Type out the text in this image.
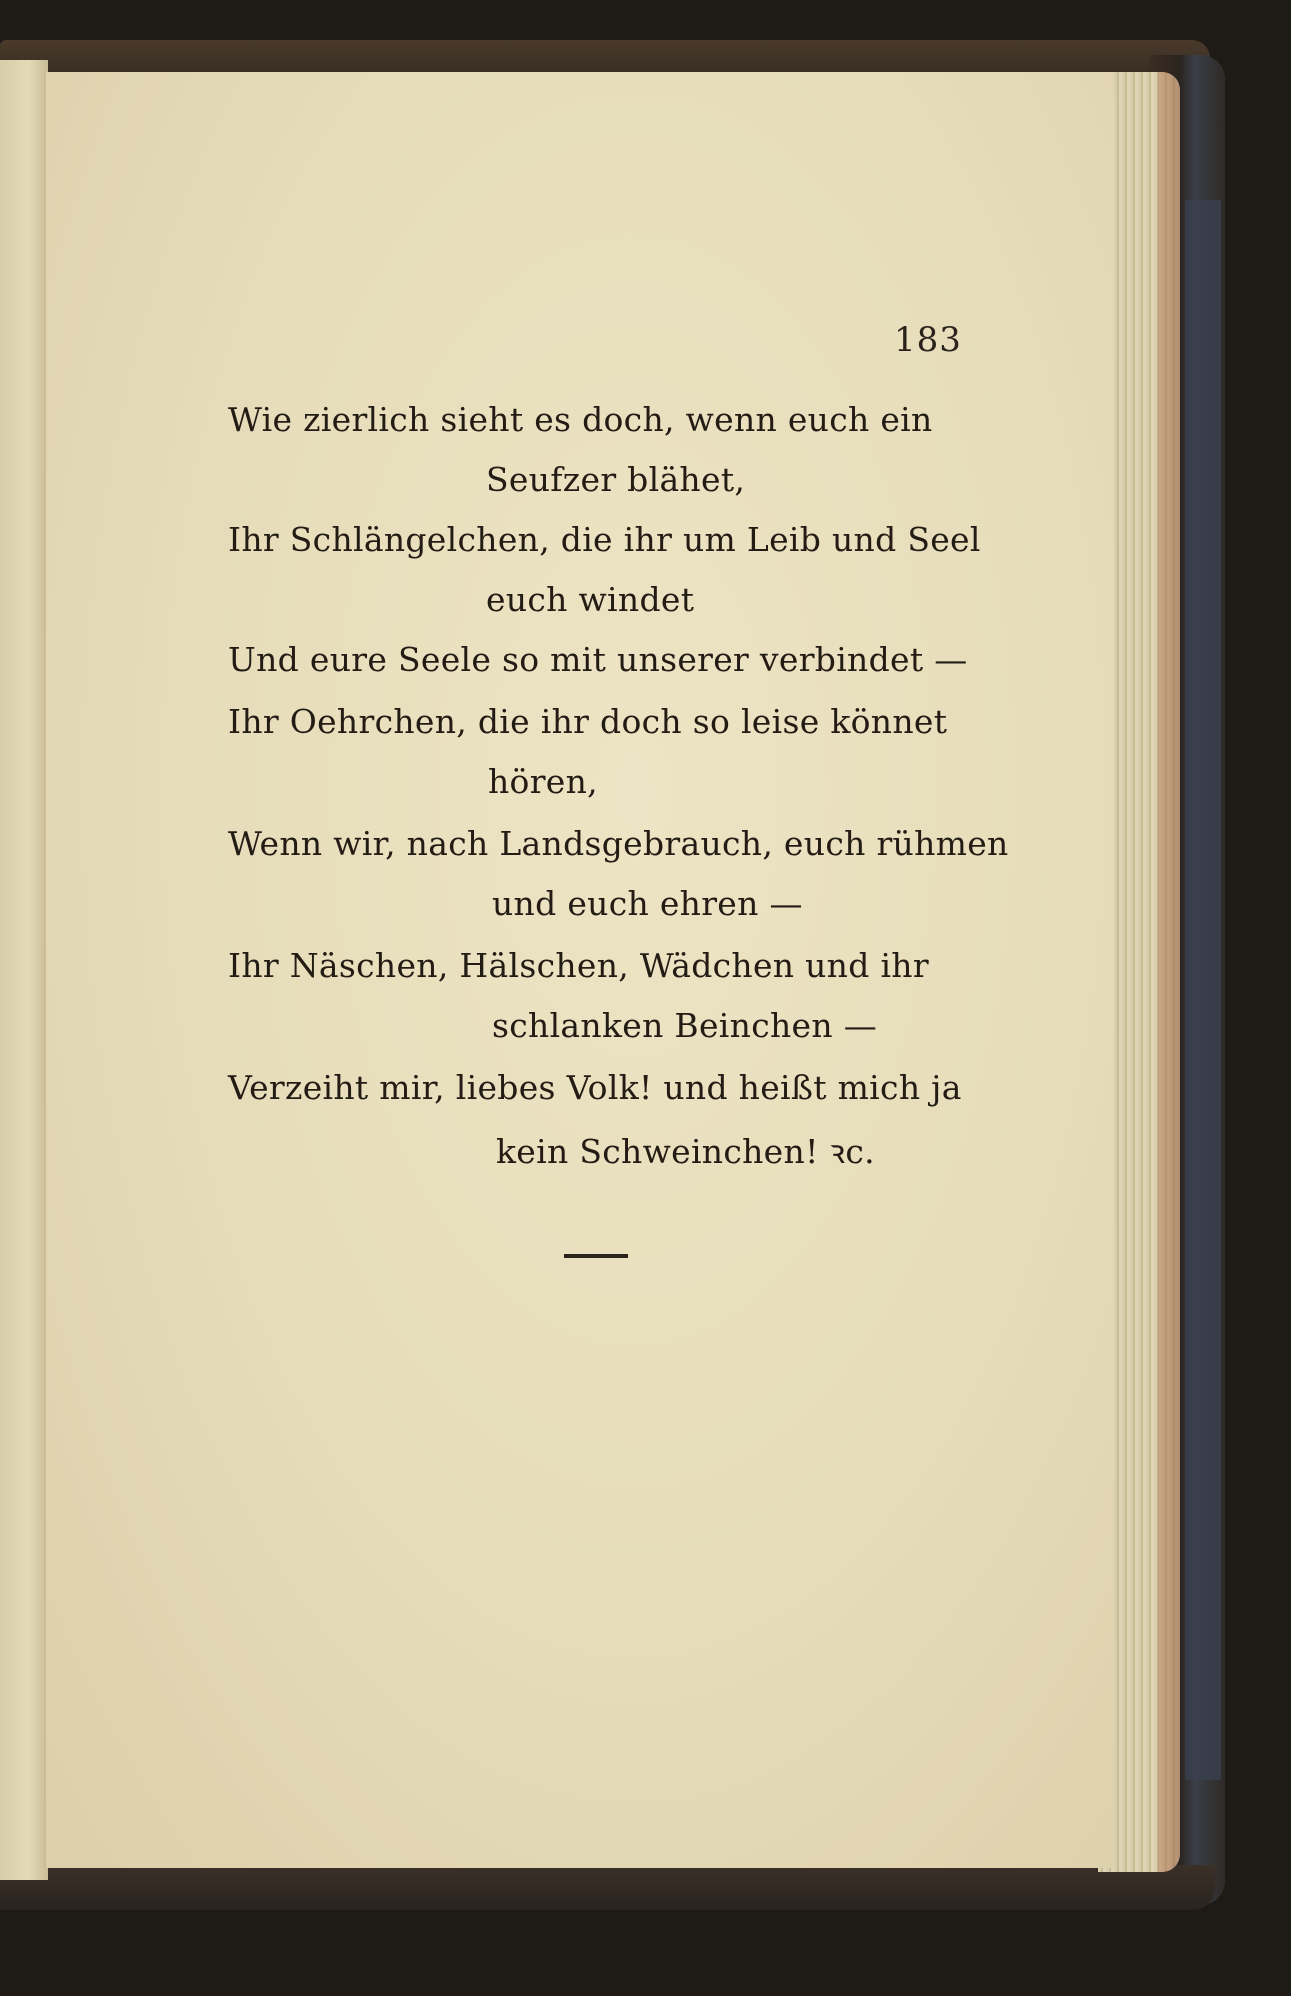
183
Wie zierlich sieht es doch, wenn euch ein
Seufzer blähet,
Ihr Schlängelchen, die ihr um Leib und Seel
euch windet
Und eure Seele so mit unserer verbindet —
Ihr Oehrchen, die ihr doch so leise könnet
hören,
Wenn wir, nach Landsgebrauch, euch rühmen
und euch ehren —
Ihr Näschen, Hälschen, Wädchen und ihr
schlanken Beinchen —
Verzeiht mir, liebes Volk! und heißt mich ja
kein Schweinchen! ꝛc.
